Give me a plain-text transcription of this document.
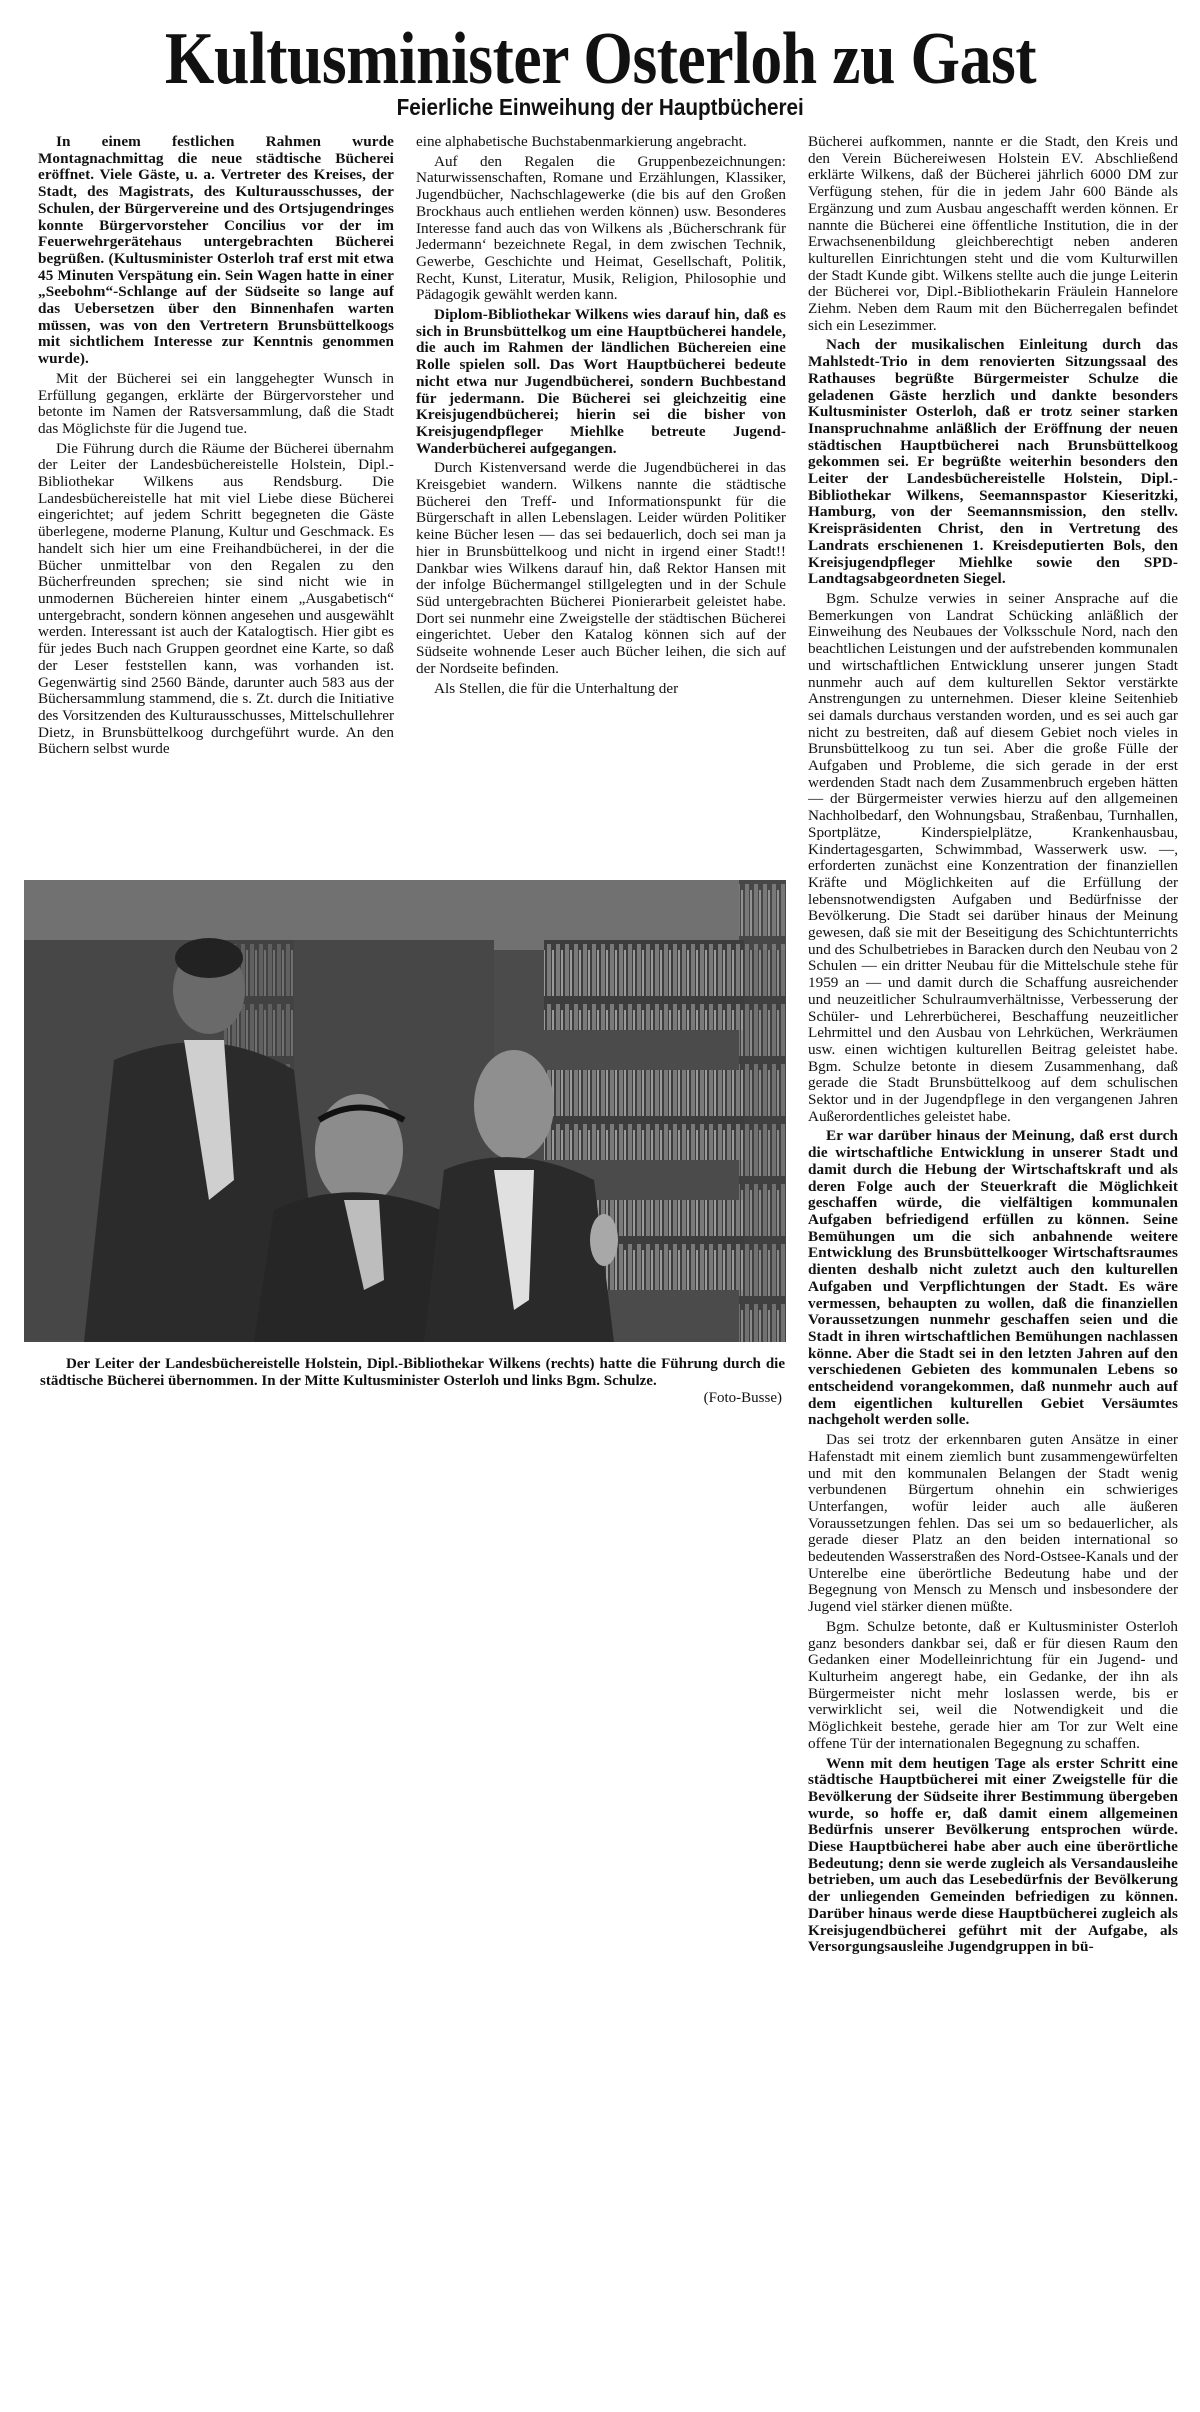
Kultusminister Osterloh zu Gast
Feierliche Einweihung der Hauptbücherei

In einem festlichen Rahmen wurde Montagnachmittag die neue städtische Bücherei eröffnet. Viele Gäste, u. a. Vertreter des Kreises, der Stadt, des Magistrats, des Kulturausschusses, der Schulen, der Bürgervereine und des Ortsjugendringes konnte Bürgervorsteher Concilius vor der im Feuerwehrgerätehaus untergebrachten Bücherei begrüßen. (Kultusminister Osterloh traf erst mit etwa 45 Minuten Verspätung ein. Sein Wagen hatte in einer „Seebohm“-Schlange auf der Südseite so lange auf das Uebersetzen über den Binnenhafen warten müssen, was von den Vertretern Brunsbüttelkoogs mit sichtlichem Interesse zur Kenntnis genommen wurde).

Mit der Bücherei sei ein langgehegter Wunsch in Erfüllung gegangen, erklärte der Bürgervorsteher und betonte im Namen der Ratsversammlung, daß die Stadt das Möglichste für die Jugend tue.

Die Führung durch die Räume der Bücherei übernahm der Leiter der Landesbüchereistelle Holstein, Dipl.-Bibliothekar Wilkens aus Rendsburg. Die Landesbüchereistelle hat mit viel Liebe diese Bücherei eingerichtet; auf jedem Schritt begegneten die Gäste überlegene, moderne Planung, Kultur und Geschmack. Es handelt sich hier um eine Freihandbücherei, in der die Bücher unmittelbar von den Regalen zu den Bücherfreunden sprechen; sie sind nicht wie in unmodernen Büchereien hinter einem „Ausgabetisch“ untergebracht, sondern können angesehen und ausgewählt werden. Interessant ist auch der Katalogtisch. Hier gibt es für jedes Buch nach Gruppen geordnet eine Karte, so daß der Leser feststellen kann, was vorhanden ist. Gegenwärtig sind 2560 Bände, darunter auch 583 aus der Büchersammlung stammend, die s. Zt. durch die Initiative des Vorsitzenden des Kulturausschusses, Mittelschullehrer Dietz, in Brunsbüttelkoog durchgeführt wurde. An den Büchern selbst wurde

eine alphabetische Buchstabenmarkierung angebracht.

Auf den Regalen die Gruppenbezeichnungen: Naturwissenschaften, Romane und Erzählungen, Klassiker, Jugendbücher, Nachschlagewerke (die bis auf den Großen Brockhaus auch entliehen werden können) usw. Besonderes Interesse fand auch das von Wilkens als ‚Bücherschrank für Jedermann‘ bezeichnete Regal, in dem zwischen Technik, Gewerbe, Geschichte und Heimat, Gesellschaft, Politik, Recht, Kunst, Literatur, Musik, Religion, Philosophie und Pädagogik gewählt werden kann.

Diplom-Bibliothekar Wilkens wies darauf hin, daß es sich in Brunsbüttelkog um eine Hauptbücherei handele, die auch im Rahmen der ländlichen Büchereien eine Rolle spielen soll. Das Wort Hauptbücherei bedeute nicht etwa nur Jugendbücherei, sondern Buchbestand für jedermann. Die Bücherei sei gleichzeitig eine Kreisjugendbücherei; hierin sei die bisher von Kreisjugendpfleger Miehlke betreute Jugend-Wanderbücherei aufgegangen.

Durch Kistenversand werde die Jugendbücherei in das Kreisgebiet wandern. Wilkens nannte die städtische Bücherei den Treff- und Informationspunkt für die Bürgerschaft in allen Lebenslagen. Leider würden Politiker keine Bücher lesen — das sei bedauerlich, doch sei man ja hier in Brunsbüttelkoog und nicht in irgend einer Stadt!! Dankbar wies Wilkens darauf hin, daß Rektor Hansen mit der infolge Büchermangel stillgelegten und in der Schule Süd untergebrachten Bücherei Pionierarbeit geleistet habe. Dort sei nunmehr eine Zweigstelle der städtischen Bücherei eingerichtet. Ueber den Katalog können sich auf der Südseite wohnende Leser auch Bücher leihen, die sich auf der Nordseite befinden.

Als Stellen, die für die Unterhaltung der

Bücherei aufkommen, nannte er die Stadt, den Kreis und den Verein Büchereiwesen Holstein EV. Abschließend erklärte Wilkens, daß der Bücherei jährlich 6000 DM zur Verfügung stehen, für die in jedem Jahr 600 Bände als Ergänzung und zum Ausbau angeschafft werden können. Er nannte die Bücherei eine öffentliche Institution, die in der Erwachsenenbildung gleichberechtigt neben anderen kulturellen Einrichtungen steht und die vom Kulturwillen der Stadt Kunde gibt. Wilkens stellte auch die junge Leiterin der Bücherei vor, Dipl.-Bibliothekarin Fräulein Hannelore Ziehm. Neben dem Raum mit den Bücherregalen befindet sich ein Lesezimmer.

Nach der musikalischen Einleitung durch das Mahlstedt-Trio in dem renovierten Sitzungssaal des Rathauses begrüßte Bürgermeister Schulze die geladenen Gäste herzlich und dankte besonders Kultusminister Osterloh, daß er trotz seiner starken Inanspruchnahme anläßlich der Eröffnung der neuen städtischen Hauptbücherei nach Brunsbüttelkoog gekommen sei. Er begrüßte weiterhin besonders den Leiter der Landesbüchereistelle Holstein, Dipl.-Bibliothekar Wilkens, Seemannspastor Kieseritzki, Hamburg, von der Seemannsmission, den stellv. Kreispräsidenten Christ, den in Vertretung des Landrats erschienenen 1. Kreisdeputierten Bols, den Kreisjugendpfleger Miehlke sowie den SPD-Landtagsabgeordneten Siegel.

Bgm. Schulze verwies in seiner Ansprache auf die Bemerkungen von Landrat Schücking anläßlich der Einweihung des Neubaues der Volksschule Nord, nach den beachtlichen Leistungen und der aufstrebenden kommunalen und wirtschaftlichen Entwicklung unserer jungen Stadt nunmehr auch auf dem kulturellen Sektor verstärkte Anstrengungen zu unternehmen. Dieser kleine Seitenhieb sei damals durchaus verstanden worden, und es sei auch gar nicht zu bestreiten, daß auf diesem Gebiet noch vieles in Brunsbüttelkoog zu tun sei. Aber die große Fülle der Aufgaben und Probleme, die sich gerade in der erst werdenden Stadt nach dem Zusammenbruch ergeben hätten — der Bürgermeister verwies hierzu auf den allgemeinen Nachholbedarf, den Wohnungsbau, Straßenbau, Turnhallen, Sportplätze, Kinderspielplätze, Krankenhausbau, Kindertagesgarten, Schwimmbad, Wasserwerk usw. —, erforderten zunächst eine Konzentration der finanziellen Kräfte und Möglichkeiten auf die Erfüllung der lebensnotwendigsten Aufgaben und Bedürfnisse der Bevölkerung. Die Stadt sei darüber hinaus der Meinung gewesen, daß sie mit der Beseitigung des Schichtunterrichts und des Schulbetriebes in Baracken durch den Neubau von 2 Schulen — ein dritter Neubau für die Mittelschule stehe für 1959 an — und damit durch die Schaffung ausreichender und neuzeitlicher Schulraumverhältnisse, Verbesserung der Schüler- und Lehrerbücherei, Beschaffung neuzeitlicher Lehrmittel und den Ausbau von Lehrküchen, Werkräumen usw. einen wichtigen kulturellen Beitrag geleistet habe. Bgm. Schulze betonte in diesem Zusammenhang, daß gerade die Stadt Brunsbüttelkoog auf dem schulischen Sektor und in der Jugendpflege in den vergangenen Jahren Außerordentliches geleistet habe.

Er war darüber hinaus der Meinung, daß erst durch die wirtschaftliche Entwicklung in unserer Stadt und damit durch die Hebung der Wirtschaftskraft und als deren Folge auch der Steuerkraft die Möglichkeit geschaffen würde, die vielfältigen kommunalen Aufgaben befriedigend erfüllen zu können. Seine Bemühungen um die sich anbahnende weitere Entwicklung des Brunsbüttelkooger Wirtschaftsraumes dienten deshalb nicht zuletzt auch den kulturellen Aufgaben und Verpflichtungen der Stadt. Es wäre vermessen, behaupten zu wollen, daß die finanziellen Voraussetzungen nunmehr geschaffen seien und die Stadt in ihren wirtschaftlichen Bemühungen nachlassen könne. Aber die Stadt sei in den letzten Jahren auf den verschiedenen Gebieten des kommunalen Lebens so entscheidend vorangekommen, daß nunmehr auch auf dem eigentlichen kulturellen Gebiet Versäumtes nachgeholt werden solle.

Das sei trotz der erkennbaren guten Ansätze in einer Hafenstadt mit einem ziemlich bunt zusammengewürfelten und mit den kommunalen Belangen der Stadt wenig verbundenen Bürgertum ohnehin ein schwieriges Unterfangen, wofür leider auch alle äußeren Voraussetzungen fehlen. Das sei um so bedauerlicher, als gerade dieser Platz an den beiden international so bedeutenden Wasserstraßen des Nord-Ostsee-Kanals und der Unterelbe eine überörtliche Bedeutung habe und der Begegnung von Mensch zu Mensch und insbesondere der Jugend viel stärker dienen müßte.

Bgm. Schulze betonte, daß er Kultusminister Osterloh ganz besonders dankbar sei, daß er für diesen Raum den Gedanken einer Modelleinrichtung für ein Jugend- und Kulturheim angeregt habe, ein Gedanke, der ihn als Bürgermeister nicht mehr loslassen werde, bis er verwirklicht sei, weil die Notwendigkeit und die Möglichkeit bestehe, gerade hier am Tor zur Welt eine offene Tür der internationalen Begegnung zu schaffen.

Wenn mit dem heutigen Tage als erster Schritt eine städtische Hauptbücherei mit einer Zweigstelle für die Bevölkerung der Südseite ihrer Bestimmung übergeben wurde, so hoffe er, daß damit einem allgemeinen Bedürfnis unserer Bevölkerung entsprochen würde. Diese Hauptbücherei habe aber auch eine überörtliche Bedeutung; denn sie werde zugleich als Versandausleihe betrieben, um auch das Lesebedürfnis der Bevölkerung der unliegenden Gemeinden befriedigen zu können. Darüber hinaus werde diese Hauptbücherei zugleich als Kreisjugendbücherei geführt mit der Aufgabe, als Versorgungsausleihe Jugendgruppen in bü-

Der Leiter der Landesbüchereistelle Holstein, Dipl.-Bibliothekar Wilkens (rechts) hatte die Führung durch die städtische Bücherei übernommen. In der Mitte Kultusminister Osterloh und links Bgm. Schulze.
(Foto-Busse)
